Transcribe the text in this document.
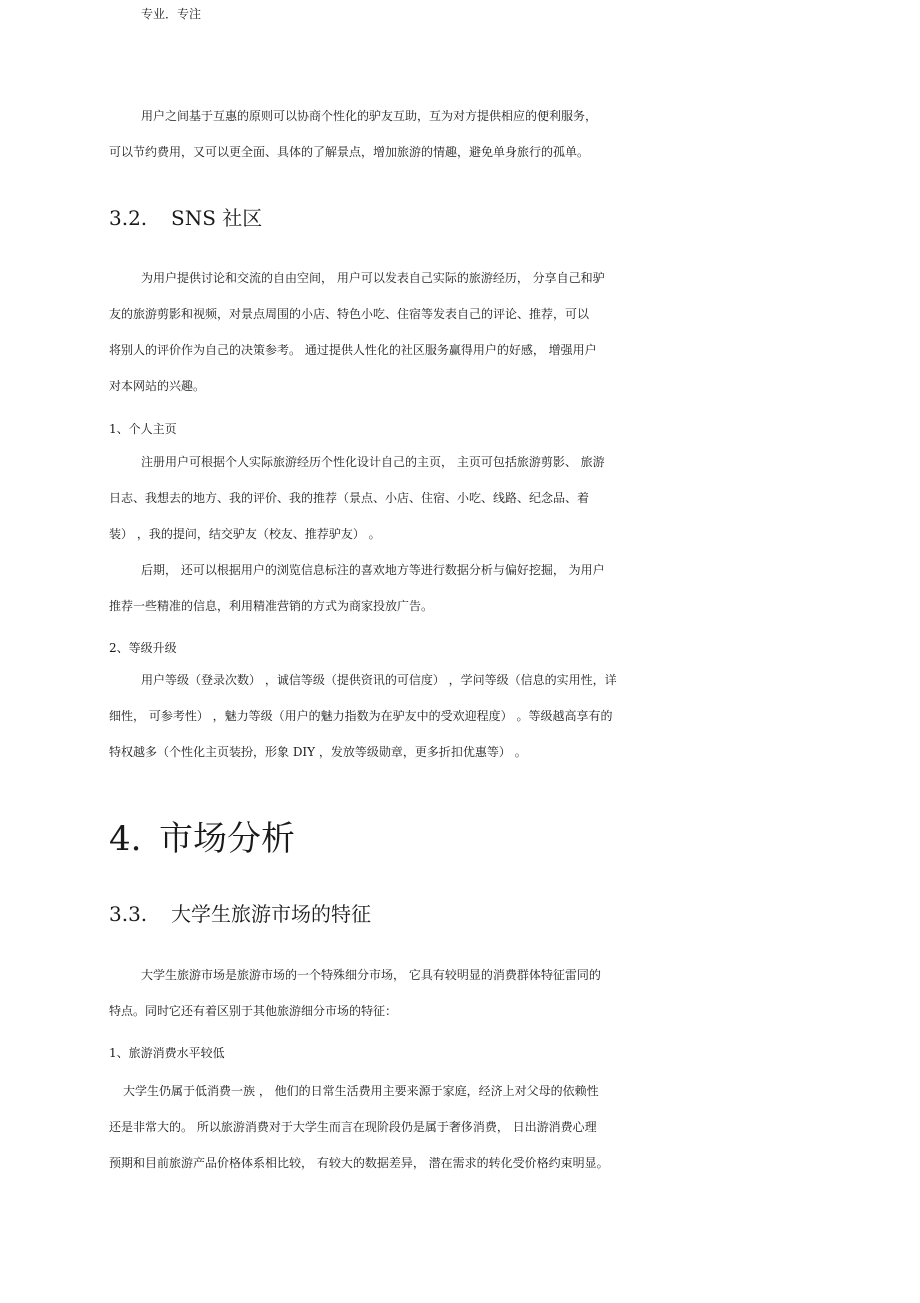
专业．专注
用户之间基于互惠的原则可以协商个性化的驴友互助，互为对方提供相应的便利服务，
可以节约费用，又可以更全面、具体的了解景点，增加旅游的情趣，避免单身旅行的孤单。
3.2. SNS 社区
为用户提供讨论和交流的自由空间， 用户可以发表自己实际的旅游经历， 分享自己和驴
友的旅游剪影和视频，对景点周围的小店、特色小吃、住宿等发表自己的评论、推荐，可以
将别人的评价作为自己的决策参考。 通过提供人性化的社区服务赢得用户的好感， 增强用户
对本网站的兴趣。
1、个人主页
注册用户可根据个人实际旅游经历个性化设计自己的主页， 主页可包括旅游剪影、 旅游
日志、我想去的地方、我的评价、我的推荐（景点、小店、住宿、小吃、线路、纪念品、着
装） ，我的提问，结交驴友（校友、推荐驴友） 。
后期， 还可以根据用户的浏览信息标注的喜欢地方等进行数据分析与偏好挖掘， 为用户
推荐一些精准的信息，利用精准营销的方式为商家投放广告。
2、等级升级
用户等级（登录次数） ，诚信等级（提供资讯的可信度） ，学问等级（信息的实用性，详
细性， 可参考性） ，魅力等级（用户的魅力指数为在驴友中的受欢迎程度） 。等级越高享有的
特权越多（个性化主页装扮，形象 DIY ，发放等级勋章，更多折扣优惠等） 。
4. 市场分析
3.3. 大学生旅游市场的特征
大学生旅游市场是旅游市场的一个特殊细分市场， 它具有较明显的消费群体特征雷同的
特点。同时它还有着区别于其他旅游细分市场的特征：
1、旅游消费水平较低
大学生仍属于低消费一族 ， 他们的日常生活费用主要来源于家庭，经济上对父母的依赖性
还是非常大的。 所以旅游消费对于大学生而言在现阶段仍是属于奢侈消费， 日出游消费心理
预期和目前旅游产品价格体系相比较， 有较大的数据差异， 潜在需求的转化受价格约束明显。
